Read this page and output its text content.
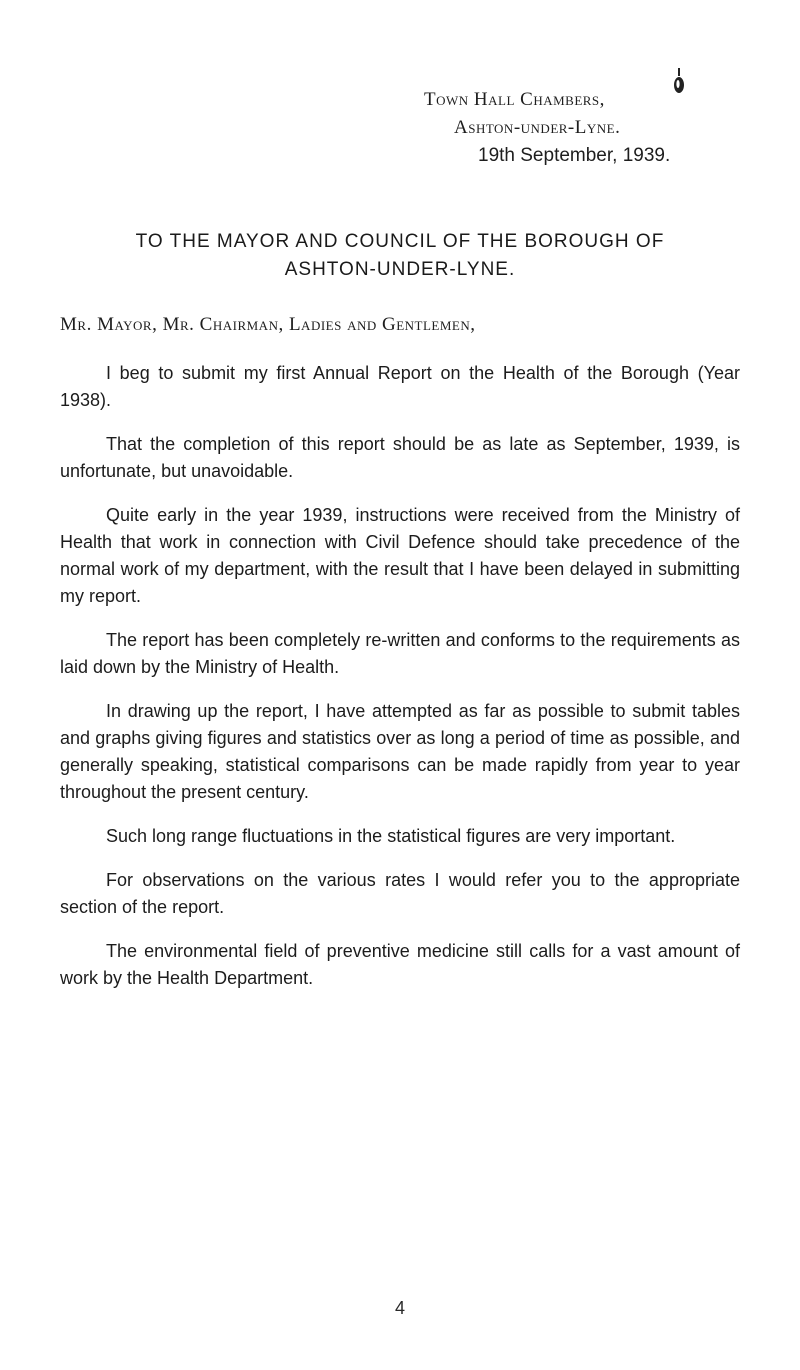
Town Hall Chambers,
Ashton-under-Lyne.
19th September, 1939.
TO THE MAYOR AND COUNCIL OF THE BOROUGH OF
ASHTON-UNDER-LYNE.
Mr. Mayor, Mr. Chairman, Ladies and Gentlemen,

I beg to submit my first Annual Report on the Health of the Borough (Year 1938).

That the completion of this report should be as late as September, 1939, is unfortunate, but unavoidable.

Quite early in the year 1939, instructions were received from the Ministry of Health that work in connection with Civil Defence should take precedence of the normal work of my department, with the result that I have been delayed in submitting my report.

The report has been completely re-written and conforms to the requirements as laid down by the Ministry of Health.

In drawing up the report, I have attempted as far as possible to submit tables and graphs giving figures and statistics over as long a period of time as possible, and generally speaking, statistical comparisons can be made rapidly from year to year throughout the present century.

Such long range fluctuations in the statistical figures are very important.

For observations on the various rates I would refer you to the appropriate section of the report.

The environmental field of preventive medicine still calls for a vast amount of work by the Health Department.

4
